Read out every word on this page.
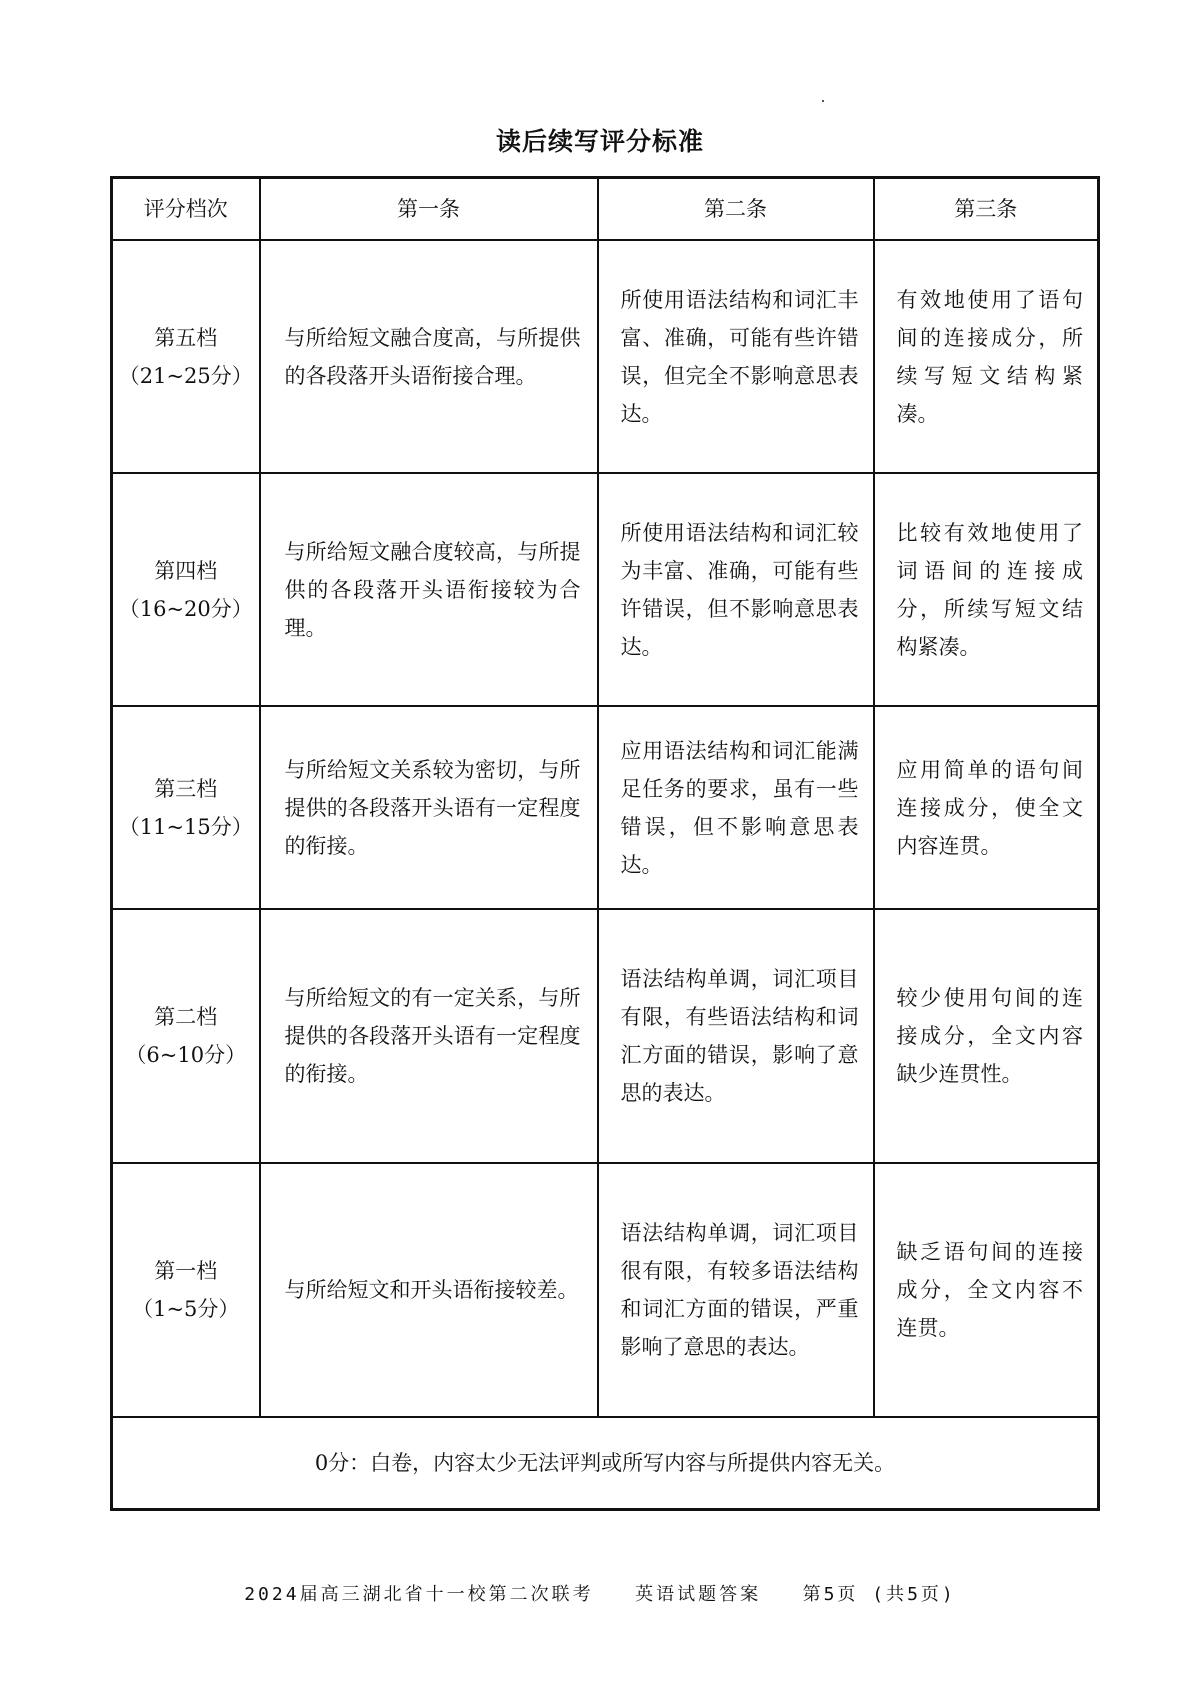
读后续写评分标准
评分档次	第一条	第二条	第三条

第五档
（21~25分）	与所给短文融合度高，与所提供的各段落开头语衔接合理。	所使用语法结构和词汇丰富、准确，可能有些许错误，但完全不影响意思表达。	有效地使用了语句间的连接成分，所续写短文结构紧凑。

第四档
（16~20分）	与所给短文融合度较高，与所提供的各段落开头语衔接较为合理。	所使用语法结构和词汇较为丰富、准确，可能有些许错误，但不影响意思表达。	比较有效地使用了词语间的连接成分，所续写短文结构紧凑。

第三档
（11~15分）	与所给短文关系较为密切，与所提供的各段落开头语有一定程度的衔接。	应用语法结构和词汇能满足任务的要求，虽有一些错误，但不影响意思表达。	应用简单的语句间连接成分，使全文内容连贯。

第二档
（6~10分）	与所给短文的有一定关系，与所提供的各段落开头语有一定程度的衔接。	语法结构单调，词汇项目有限，有些语法结构和词汇方面的错误，影响了意思的表达。	较少使用句间的连接成分，全文内容缺少连贯性。

第一档
（1~5分）	与所给短文和开头语衔接较差。	语法结构单调，词汇项目很有限，有较多语法结构和词汇方面的错误，严重影响了意思的表达。	缺乏语句间的连接成分，全文内容不连贯。
0分：白卷，内容太少无法评判或所写内容与所提供内容无关。			
2024届高三湖北省十一校第二次联考   英语试题答案   第5页 (共5页)
